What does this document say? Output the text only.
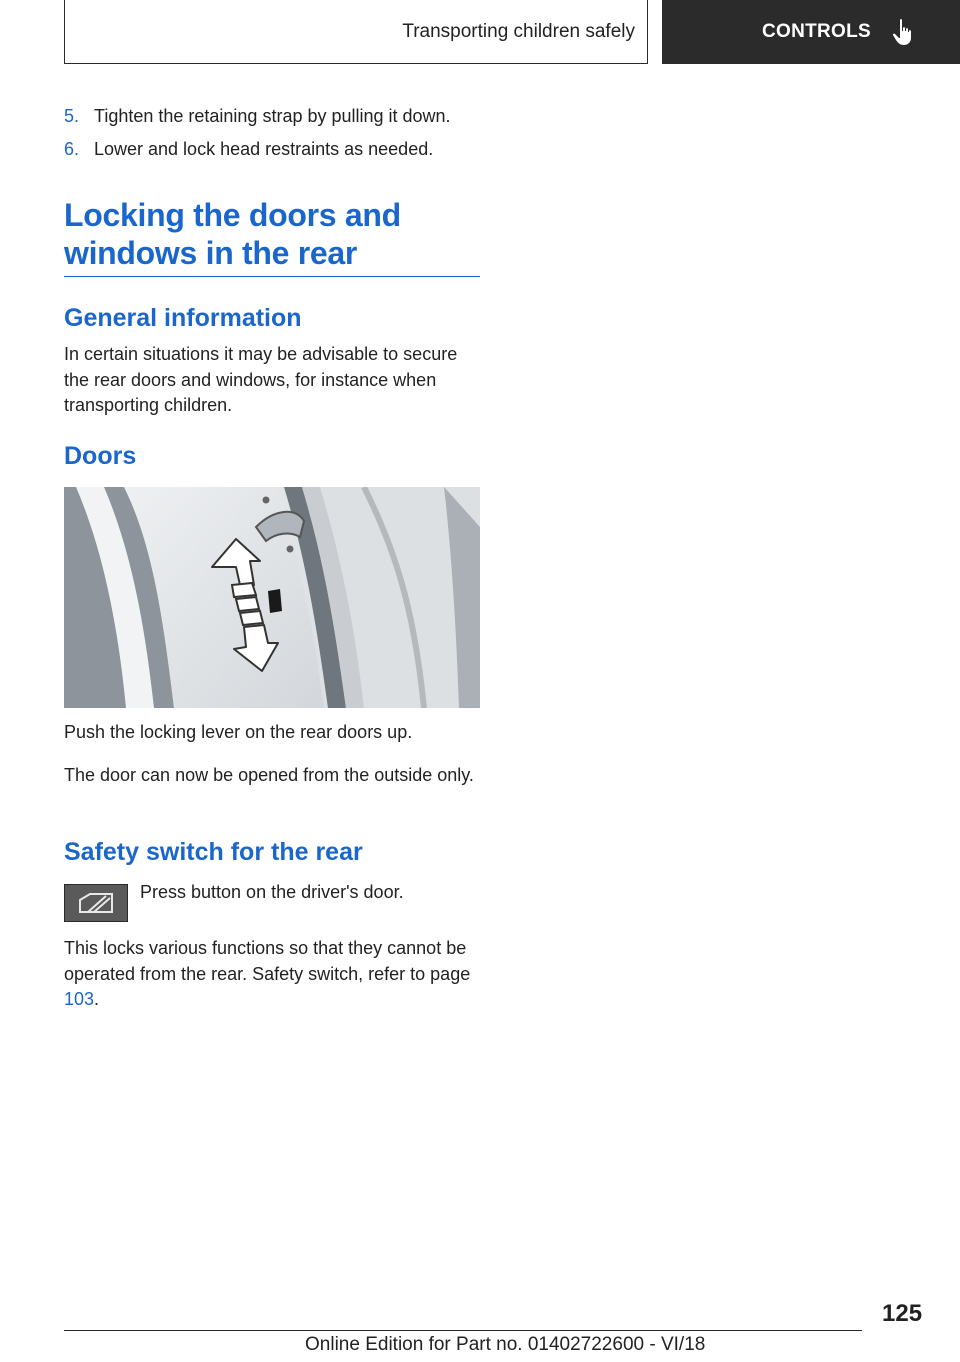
Transporting children safely	CONTROLS
5. Tighten the retaining strap by pulling it down.
6. Lower and lock head restraints as needed.
Locking the doors and
windows in the rear
General information

In certain situations it may be advisable to secure the rear doors and windows, for instance when transporting children.

Doors

Push the locking lever on the rear doors up.

The door can now be opened from the outside only.

Safety switch for the rear

Press button on the driver's door.

This locks various functions so that they cannot be operated from the rear. Safety switch, refer to page 103.

125
Online Edition for Part no. 01402722600 - VI/18
